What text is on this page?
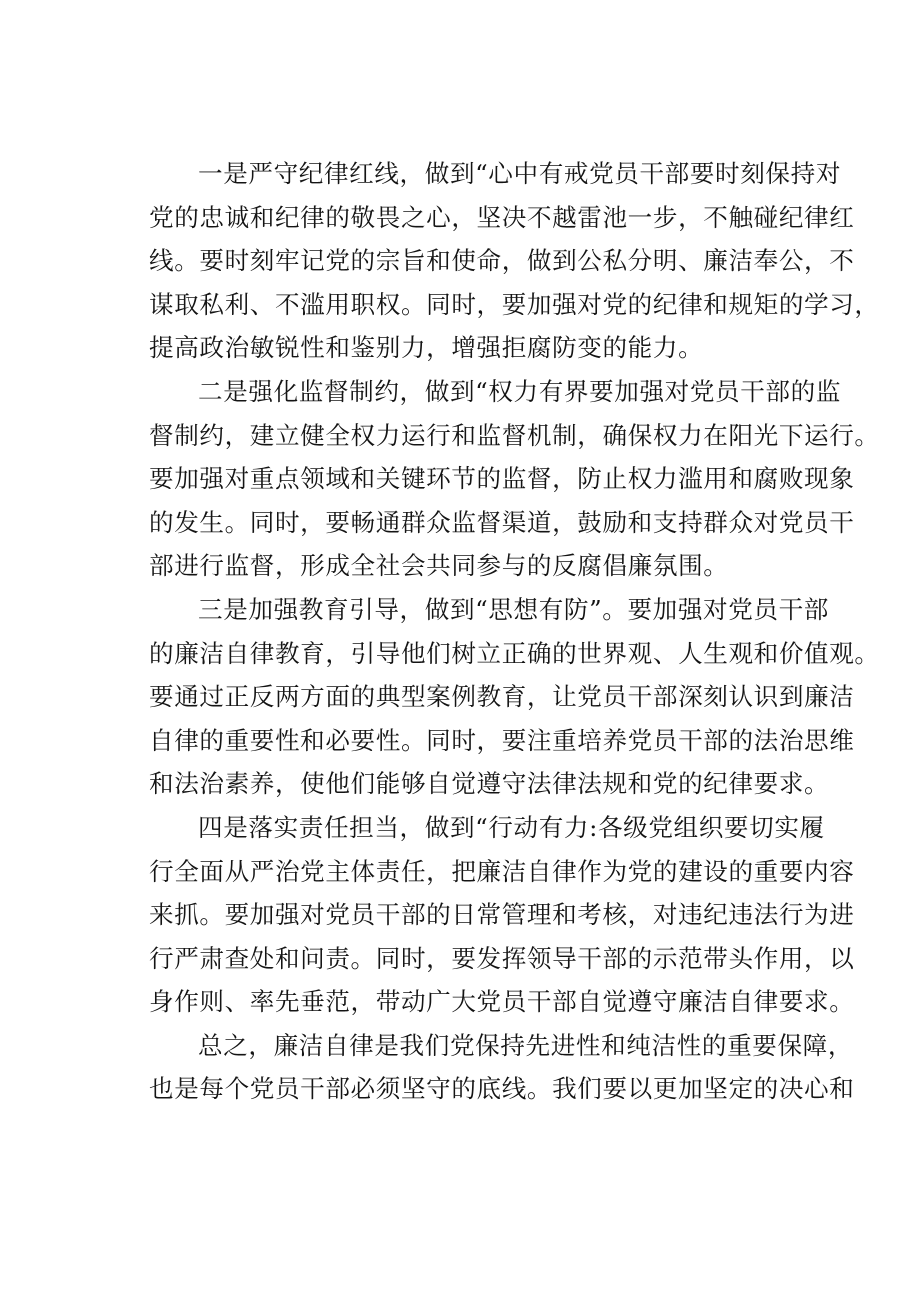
一是严守纪律红线，做到“心中有戒党员干部要时刻保持对
党的忠诚和纪律的敬畏之心，坚决不越雷池一步，不触碰纪律红
线。要时刻牢记党的宗旨和使命，做到公私分明、廉洁奉公，不
谋取私利、不滥用职权。同时，要加强对党的纪律和规矩的学习，
提高政治敏锐性和鉴别力，增强拒腐防变的能力。
二是强化监督制约，做到“权力有界要加强对党员干部的监
督制约，建立健全权力运行和监督机制，确保权力在阳光下运行。
要加强对重点领域和关键环节的监督，防止权力滥用和腐败现象
的发生。同时，要畅通群众监督渠道，鼓励和支持群众对党员干
部进行监督，形成全社会共同参与的反腐倡廉氛围。
三是加强教育引导，做到“思想有防”。要加强对党员干部
的廉洁自律教育，引导他们树立正确的世界观、人生观和价值观。
要通过正反两方面的典型案例教育，让党员干部深刻认识到廉洁
自律的重要性和必要性。同时，要注重培养党员干部的法治思维
和法治素养，使他们能够自觉遵守法律法规和党的纪律要求。
四是落实责任担当，做到“行动有力:各级党组织要切实履
行全面从严治党主体责任，把廉洁自律作为党的建设的重要内容
来抓。要加强对党员干部的日常管理和考核，对违纪违法行为进
行严肃查处和问责。同时，要发挥领导干部的示范带头作用，以
身作则、率先垂范，带动广大党员干部自觉遵守廉洁自律要求。
总之，廉洁自律是我们党保持先进性和纯洁性的重要保障，
也是每个党员干部必须坚守的底线。我们要以更加坚定的决心和
